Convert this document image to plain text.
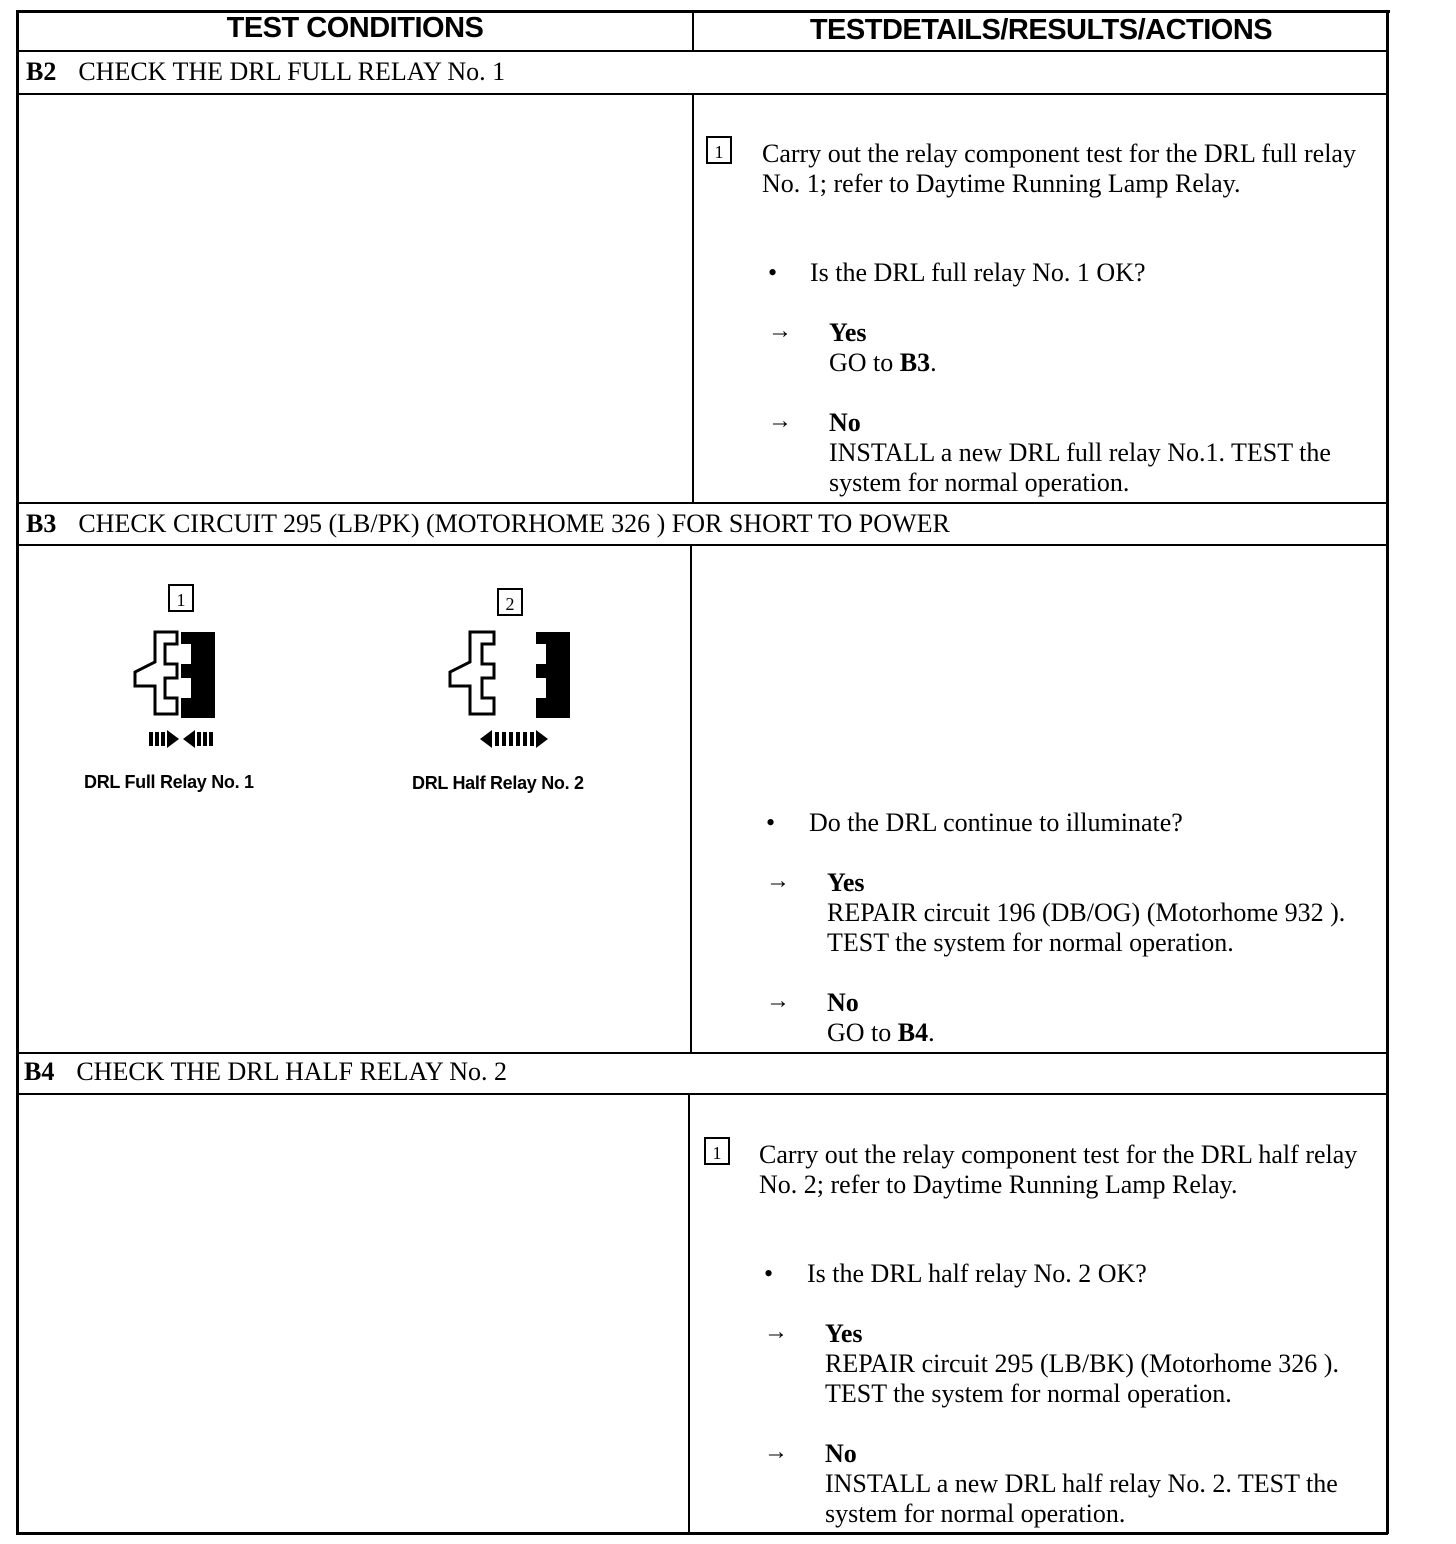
TEST CONDITIONS	TESTDETAILS/RESULTS/ACTIONS
B2 CHECK THE DRL FULL RELAY No. 1
1	Carry out the relay component test for the DRL full relay No. 1; refer to Daytime Running Lamp Relay.
• Is the DRL full relay No. 1 OK?
→ Yes
GO to B3.
→ No
INSTALL a new DRL full relay No.1. TEST the system for normal operation.
B3 CHECK CIRCUIT 295 (LB/PK) (MOTORHOME 326 ) FOR SHORT TO POWER
1
DRL Full Relay No. 1
2
DRL Half Relay No. 2
• Do the DRL continue to illuminate?
→ Yes
REPAIR circuit 196 (DB/OG) (Motorhome 932 ). TEST the system for normal operation.
→ No
GO to B4.
B4 CHECK THE DRL HALF RELAY No. 2
1	Carry out the relay component test for the DRL half relay No. 2; refer to Daytime Running Lamp Relay.
• Is the DRL half relay No. 2 OK?
→ Yes
REPAIR circuit 295 (LB/BK) (Motorhome 326 ). TEST the system for normal operation.
→ No
INSTALL a new DRL half relay No. 2. TEST the system for normal operation.
